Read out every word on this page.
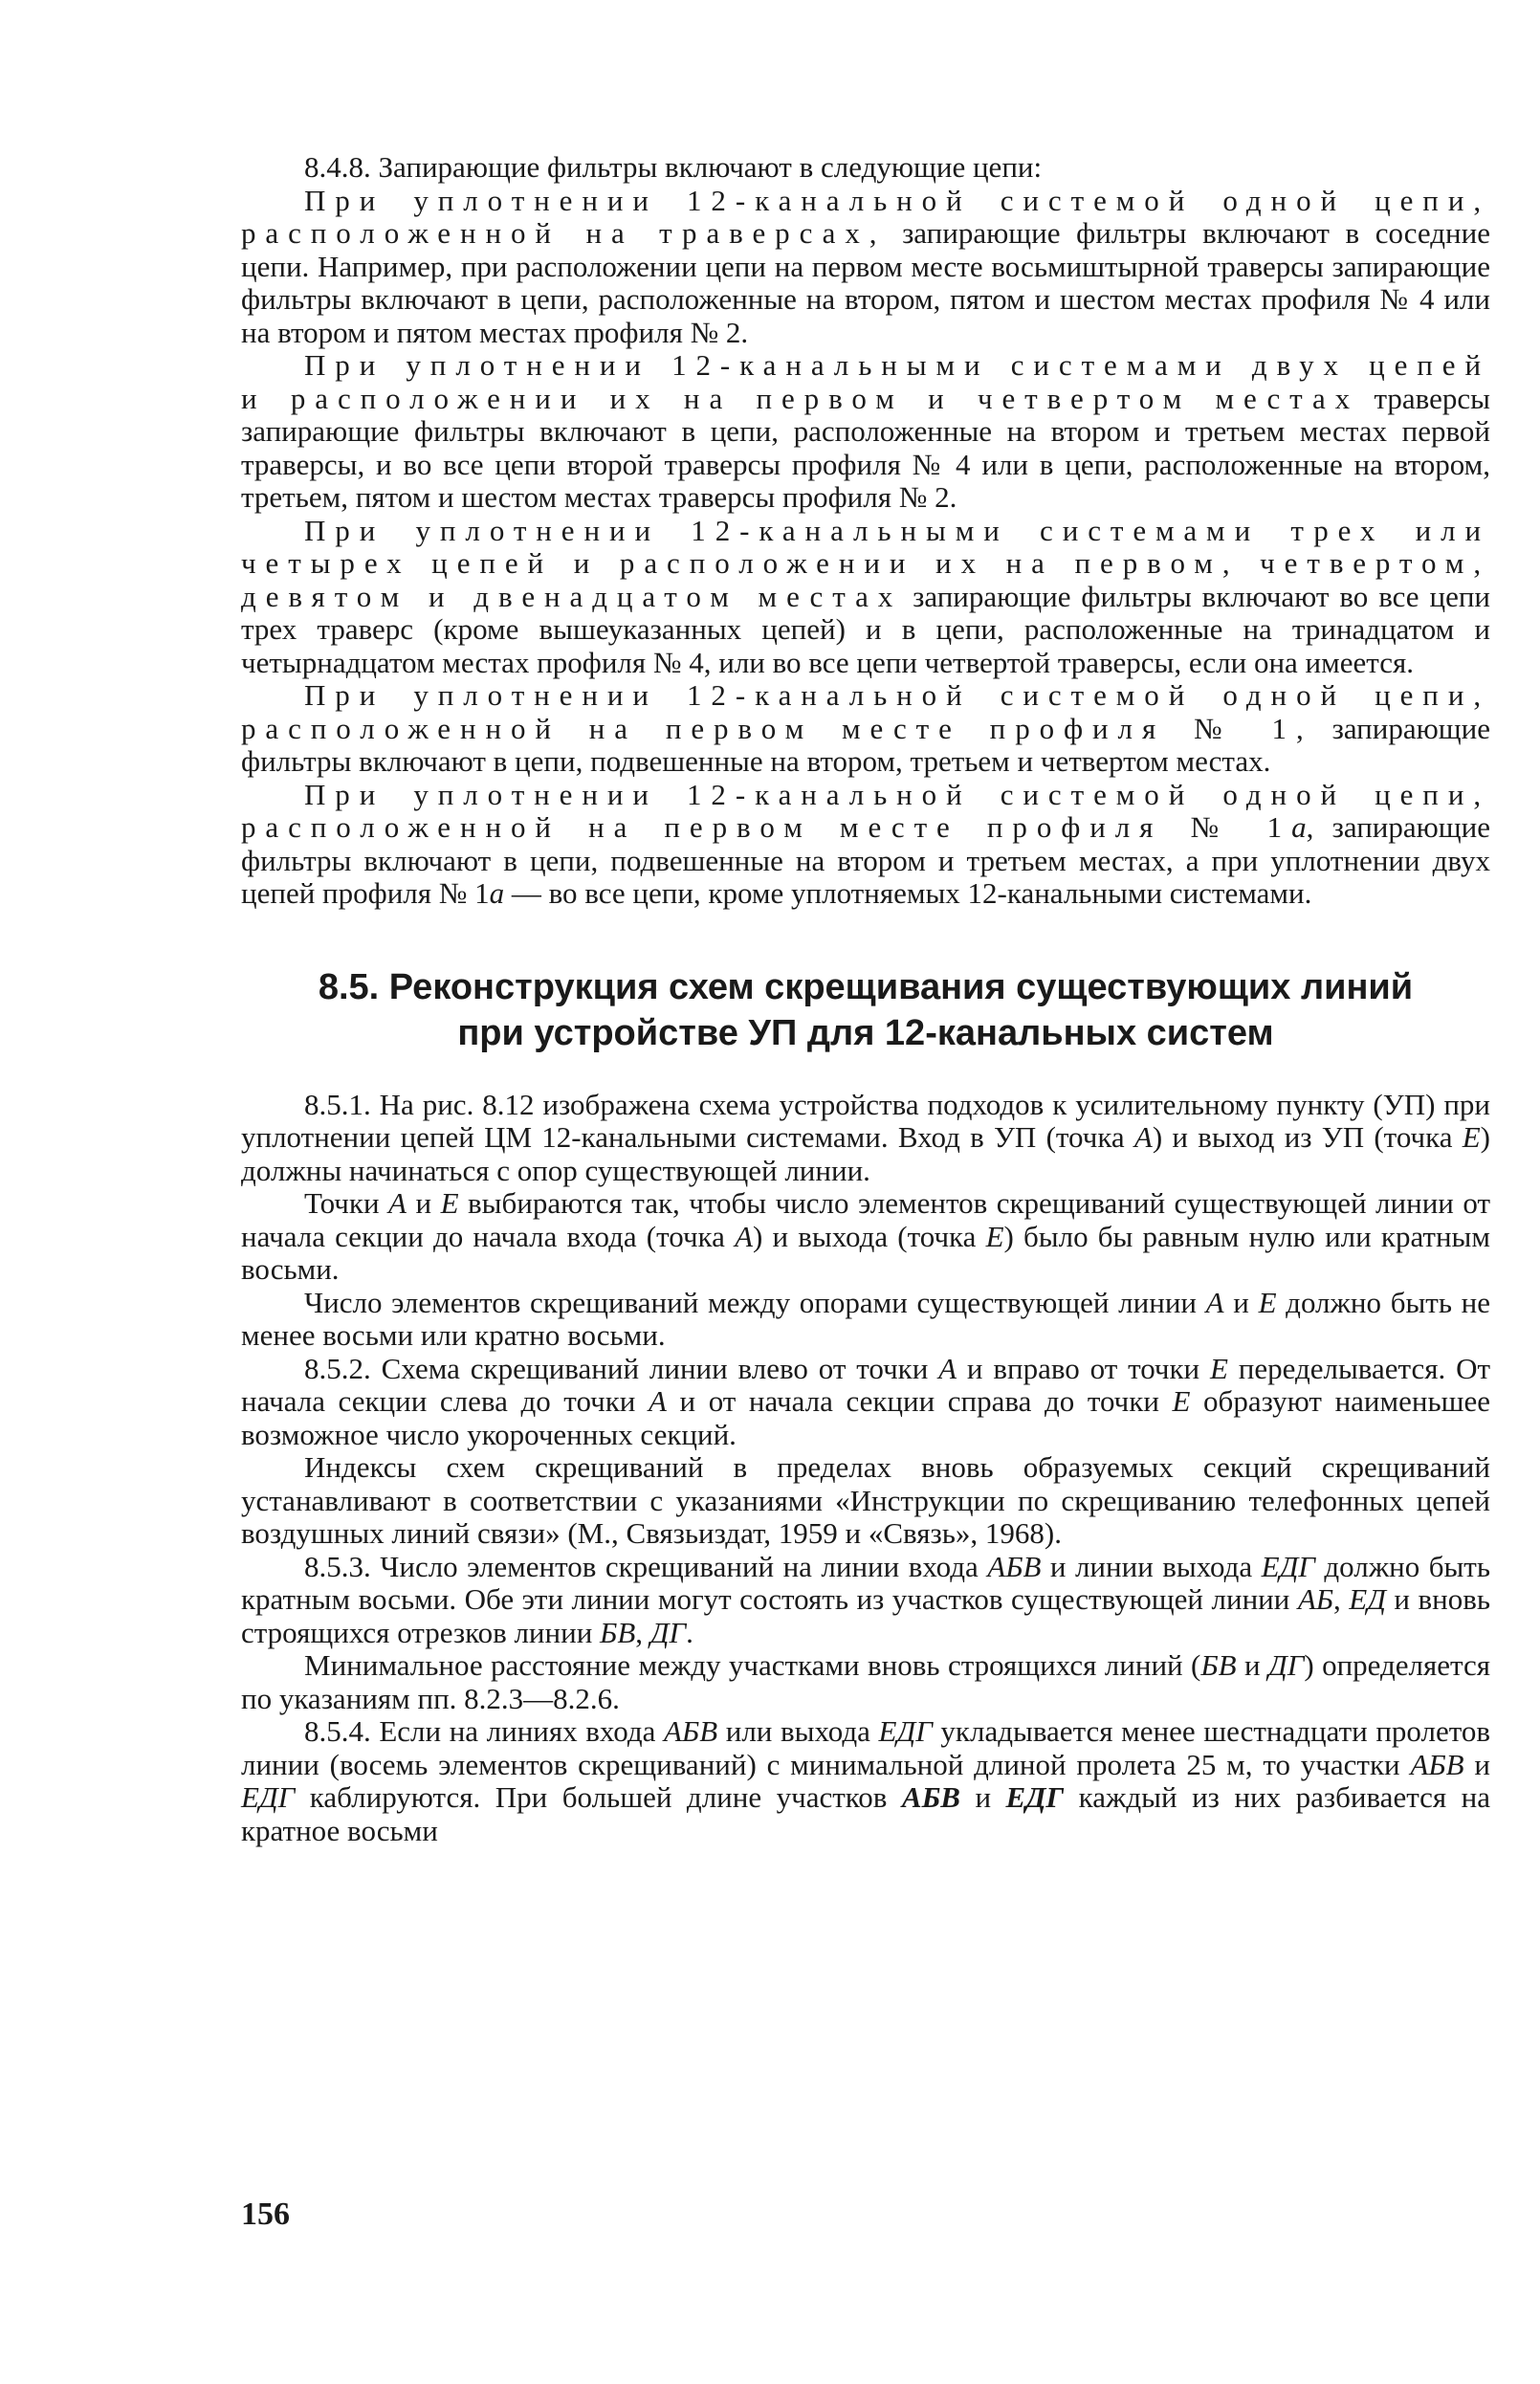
8.4.8. Запирающие фильтры включают в следующие цепи:

При уплотнении 12-канальной системой одной цепи, расположенной на траверсах, запирающие фильтры включают в соседние цепи. Например, при расположении цепи на первом месте восьмиштырной траверсы запирающие фильтры включают в цепи, расположенные на втором, пятом и шестом местах профиля № 4 или на втором и пятом местах профиля № 2.

При уплотнении 12-канальными системами двух цепей и расположении их на первом и четвертом местах траверсы запирающие фильтры включают в цепи, расположенные на втором и третьем местах первой траверсы, и во все цепи второй траверсы профиля № 4 или в цепи, расположенные на втором, третьем, пятом и шестом местах траверсы профиля № 2.

При уплотнении 12-канальными системами трех или четырех цепей и расположении их на первом, четвертом, девятом и двенадцатом местах запирающие фильтры включают во все цепи трех траверс (кроме вышеуказанных цепей) и в цепи, расположенные на тринадцатом и четырнадцатом местах профиля № 4, или во все цепи четвертой траверсы, если она имеется.

При уплотнении 12-канальной системой одной цепи, расположенной на первом месте профиля № 1, запирающие фильтры включают в цепи, подвешенные на втором, третьем и четвертом местах.

При уплотнении 12-канальной системой одной цепи, расположенной на первом месте профиля № 1а, запирающие фильтры включают в цепи, подвешенные на втором и третьем местах, а при уплотнении двух цепей профиля № 1а — во все цепи, кроме уплотняемых 12-канальными системами.

8.5. Реконструкция схем скрещивания существующих линий
при устройстве УП для 12-канальных систем

8.5.1. На рис. 8.12 изображена схема устройства подходов к усилительному пункту (УП) при уплотнении цепей ЦМ 12-канальными системами. Вход в УП (точка А) и выход из УП (точка Е) должны начинаться с опор существующей линии.

Точки А и Е выбираются так, чтобы число элементов скрещиваний существующей линии от начала секции до начала входа (точка А) и выхода (точка Е) было бы равным нулю или кратным восьми.

Число элементов скрещиваний между опорами существующей линии А и Е должно быть не менее восьми или кратно восьми.

8.5.2. Схема скрещиваний линии влево от точки А и вправо от точки Е переделывается. От начала секции слева до точки А и от начала секции справа до точки Е образуют наименьшее возможное число укороченных секций.

Индексы схем скрещиваний в пределах вновь образуемых секций скрещиваний устанавливают в соответствии с указаниями «Инструкции по скрещиванию телефонных цепей воздушных линий связи» (М., Связьиздат, 1959 и «Связь», 1968).

8.5.3. Число элементов скрещиваний на линии входа АБВ и линии выхода ЕДГ должно быть кратным восьми. Обе эти линии могут состоять из участков существующей линии АБ, ЕД и вновь строящихся отрезков линии БВ, ДГ.

Минимальное расстояние между участками вновь строящихся линий (БВ и ДГ) определяется по указаниям пп. 8.2.3—8.2.6.

8.5.4. Если на линиях входа АБВ или выхода ЕДГ укладывается менее шестнадцати пролетов линии (восемь элементов скрещиваний) с минимальной длиной пролета 25 м, то участки АБВ и ЕДГ каблируются. При большей длине участков АБВ и ЕДГ каждый из них разбивается на кратное восьми

156
